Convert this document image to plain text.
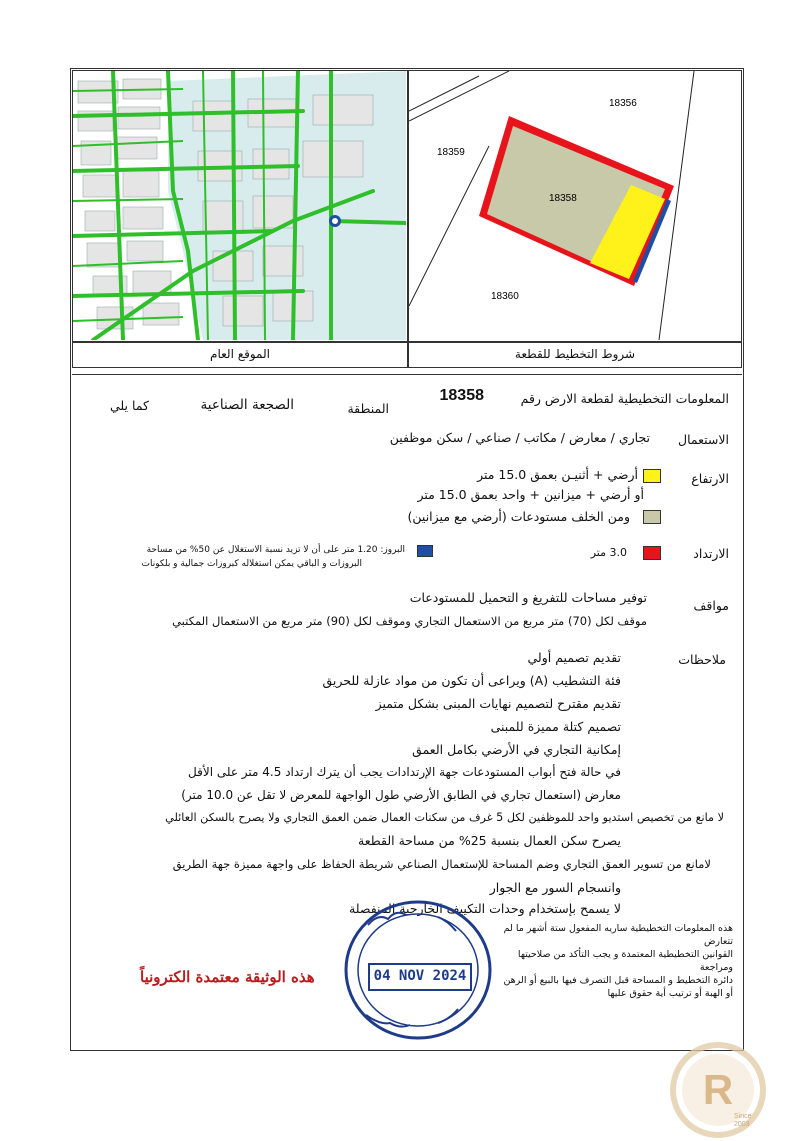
الموقع العام
18356
18359
18358
18360
شروط التخطيط للقطعة
المعلومات التخطيطية لقطعة الارض رقم
18358
المنطقة
الصجعة الصناعية
كما يلي
الاستعمال
تجاري / معارض / مكاتب / صناعي / سكن موظفين
الارتفاع
أرضي + أثنيـن بعمق 15.0 متر
أو أرضي + ميزانين + واحد بعمق 15.0 متر
ومن الخلف مستودعات (أرضي مع ميزانين)
الارتداد
3.0 متر
البروز: 1.20 متر على أن لا تزيد نسبة الاستغلال عن 50% من مساحة
البروزات و الباقي يمكن استغلاله كبروزات جمالية و بلكونات
مواقف
توفير مساحات للتفريغ و التحميل للمستودعات
موقف لكل (70) متر مربع من الاستعمال التجاري وموقف لكل (90) متر مربع من الاستعمال المكتبي
ملاحظات
تقديم تصميم أولي
فئة التشطيب (A) ويراعى أن تكون من مواد عازلة للحريق
تقديم مقترح لتصميم نهايات المبنى بشكل متميز
تصميم كتلة مميزة للمبنى
إمكانية التجاري في الأرضي بكامل العمق
في حالة فتح أبواب المستودعات جهة الإرتدادات يجب أن يترك ارتداد 4.5 متر على الأقل
معارض (استعمال تجاري في الطابق الأرضي طول الواجهة للمعرض لا تقل عن 10.0 متر)
لا مانع من تخصيص استديو واحد للموظفين لكل 5 غرف من سكنات العمال ضمن العمق التجاري ولا يصرح بالسكن العائلي
يصرح سكن العمال بنسبة 25% من مساحة القطعة
لامانع من تسوير العمق التجاري وضم المساحة للإستعمال الصناعي شريطة الحفاظ على واجهة مميزة جهة الطريق
وانسجام السور مع الجوار
لا يسمح بإستخدام وحدات التكييف الخارجية المنفصلة
هذه المعلومات التخطيطية ساريه المفعول ستة أشهر ما لم تتعارض
القوانين التخطيطية المعتمدة و يجب التأكد من صلاحيتها ومراجعة
دائرة التخطيط و المساحة قبل التصرف فيها بالبيع أو الرهن
أو الهبة أو ترتيب أية حقوق عليها
04 NOV 2024
هذه الوثيقة معتمدة الكترونياً
R
Since
2003
